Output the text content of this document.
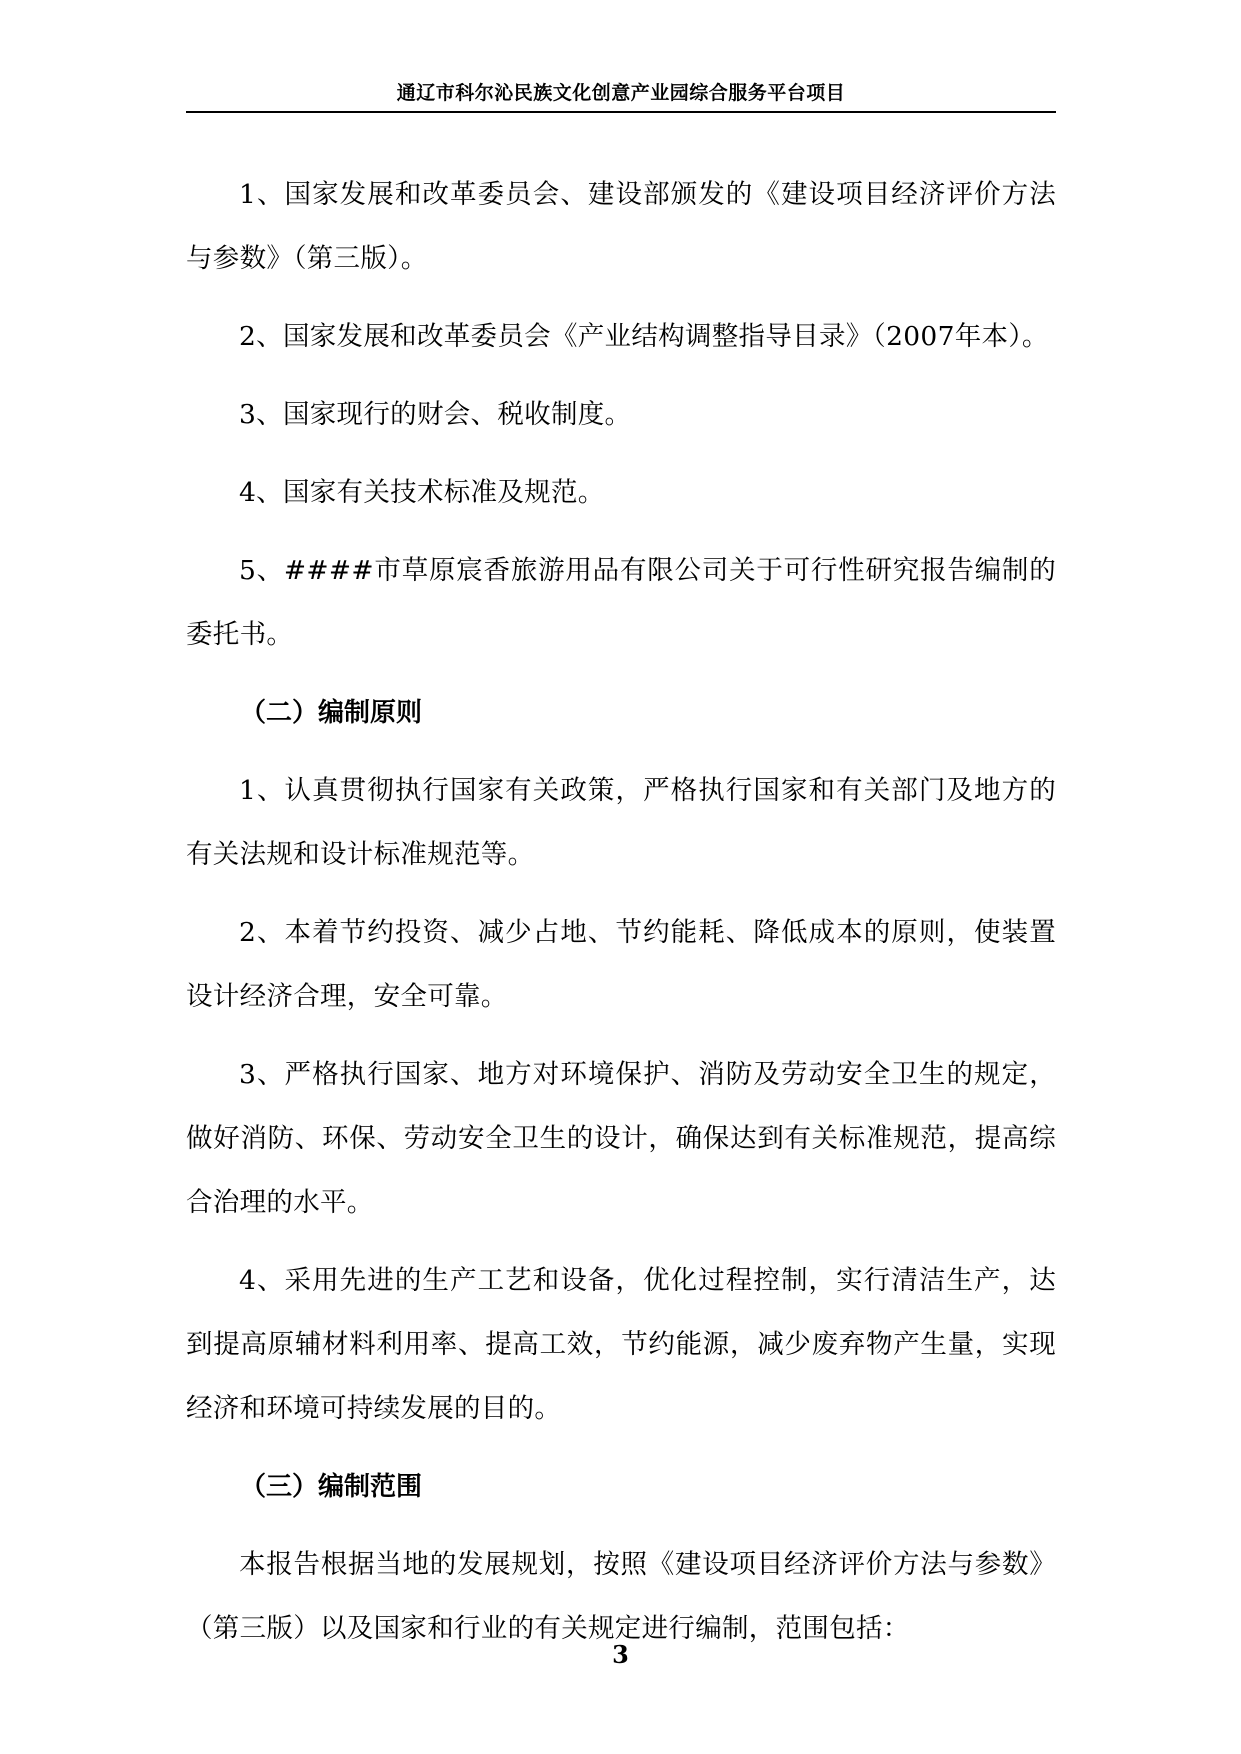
通辽市科尔沁民族文化创意产业园综合服务平台项目

1、国家发展和改革委员会、建设部颁发的《建设项目经济评价方法与参数》（第三版）。

2、国家发展和改革委员会《产业结构调整指导目录》（2007年本）。

3、国家现行的财会、税收制度。

4、国家有关技术标准及规范。

5、####市草原宸香旅游用品有限公司关于可行性研究报告编制的委托书。

（二）编制原则

1、认真贯彻执行国家有关政策，严格执行国家和有关部门及地方的有关法规和设计标准规范等。

2、本着节约投资、减少占地、节约能耗、降低成本的原则，使装置设计经济合理，安全可靠。

3、严格执行国家、地方对环境保护、消防及劳动安全卫生的规定，做好消防、环保、劳动安全卫生的设计，确保达到有关标准规范，提高综合治理的水平。

4、采用先进的生产工艺和设备，优化过程控制，实行清洁生产，达到提高原辅材料利用率、提高工效，节约能源，减少废弃物产生量，实现经济和环境可持续发展的目的。

（三）编制范围

本报告根据当地的发展规划，按照《建设项目经济评价方法与参数》（第三版）以及国家和行业的有关规定进行编制，范围包括：

3
